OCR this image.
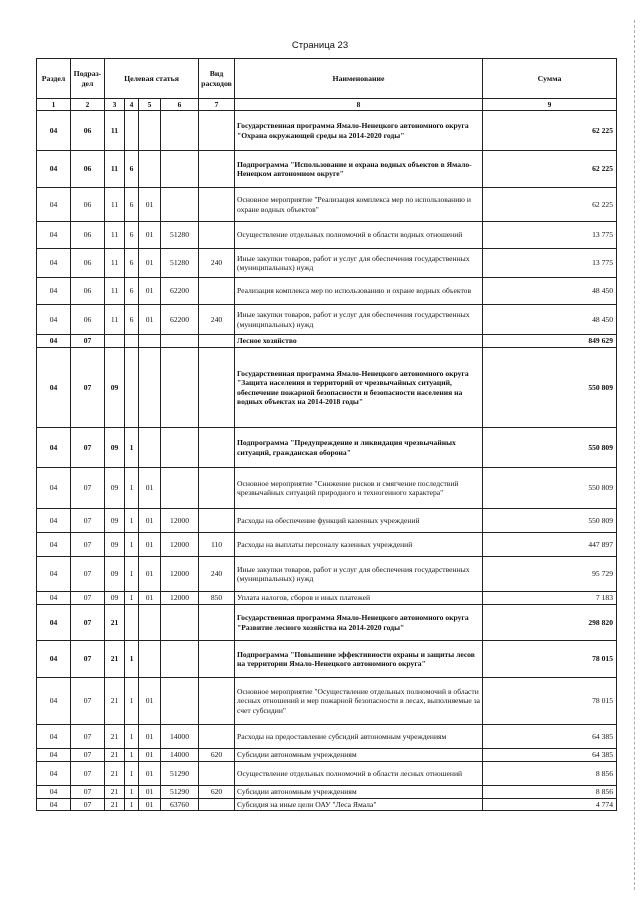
Страница 23
Раздел	Подраз-дел	Целевая статья				Вид расходов	Наименование	Сумма
1	2	3	4	5	6	7	8	9
04	06	11					Государственная программа Ямало-Ненецкого автономного округа "Охрана окружающей среды на 2014-2020 годы"	62 225
04	06	11	6				Подпрограмма "Использование и охрана водных объектов в Ямало-Ненецком автономном округе"	62 225
04	06	11	6	01			Основное мероприятие "Реализация комплекса мер по использованию и охране водных объектов"	62 225
04	06	11	6	01	51280		Осуществление отдельных полномочий в области водных отношений	13 775
04	06	11	6	01	51280	240	Иные закупки товаров, работ и услуг для обеспечения государственных (муниципальных) нужд	13 775
04	06	11	6	01	62200		Реализация комплекса мер по использованию и охране водных объектов	48 450
04	06	11	6	01	62200	240	Иные закупки товаров, работ и услуг для обеспечения государственных (муниципальных) нужд	48 450
04	07						Лесное хозяйство	849 629
04	07	09					Государственная программа Ямало-Ненецкого автономного округа "Защита населения и территорий от чрезвычайных ситуаций, обеспечение пожарной безопасности и безопасности населения на водных объектах на 2014-2018 годы"	550 809
04	07	09	1				Подпрограмма "Предупреждение и ликвидация чрезвычайных ситуаций, гражданская оборона"	550 809
04	07	09	1	01			Основное мероприятие "Снижение рисков и смягчение последствий чрезвычайных ситуаций природного и техногенного характера"	550 809
04	07	09	1	01	12000		Расходы на обеспечение функций казенных учреждений	550 809
04	07	09	1	01	12000	110	Расходы на выплаты персоналу казенных учреждений	447 897
04	07	09	1	01	12000	240	Иные закупки товаров, работ и услуг для обеспечения государственных (муниципальных) нужд	95 729
04	07	09	1	01	12000	850	Уплата налогов, сборов и иных платежей	7 183
04	07	21					Государственная программа Ямало-Ненецкого автономного округа "Развитие лесного хозяйства на 2014-2020 годы"	298 820
04	07	21	1				Подпрограмма "Повышение эффективности охраны и защиты лесов на территории Ямало-Ненецкого автономного округа"	78 015
04	07	21	1	01			Основное мероприятие "Осуществление отдельных полномочий в области лесных отношений и мер пожарной безопасности в лесах, выполняемые за счет субсидии"	78 015
04	07	21	1	01	14000		Расходы на предоставление субсидий автономным учреждениям	64 385
04	07	21	1	01	14000	620	Субсидии автономным учреждениям	64 385
04	07	21	1	01	51290		Осуществление отдельных полномочий в области лесных отношений	8 856
04	07	21	1	01	51290	620	Субсидии автономным учреждениям	8 856
04	07	21	1	01	63760		Субсидия на иные цели ОАУ "Леса Ямала"	4 774
